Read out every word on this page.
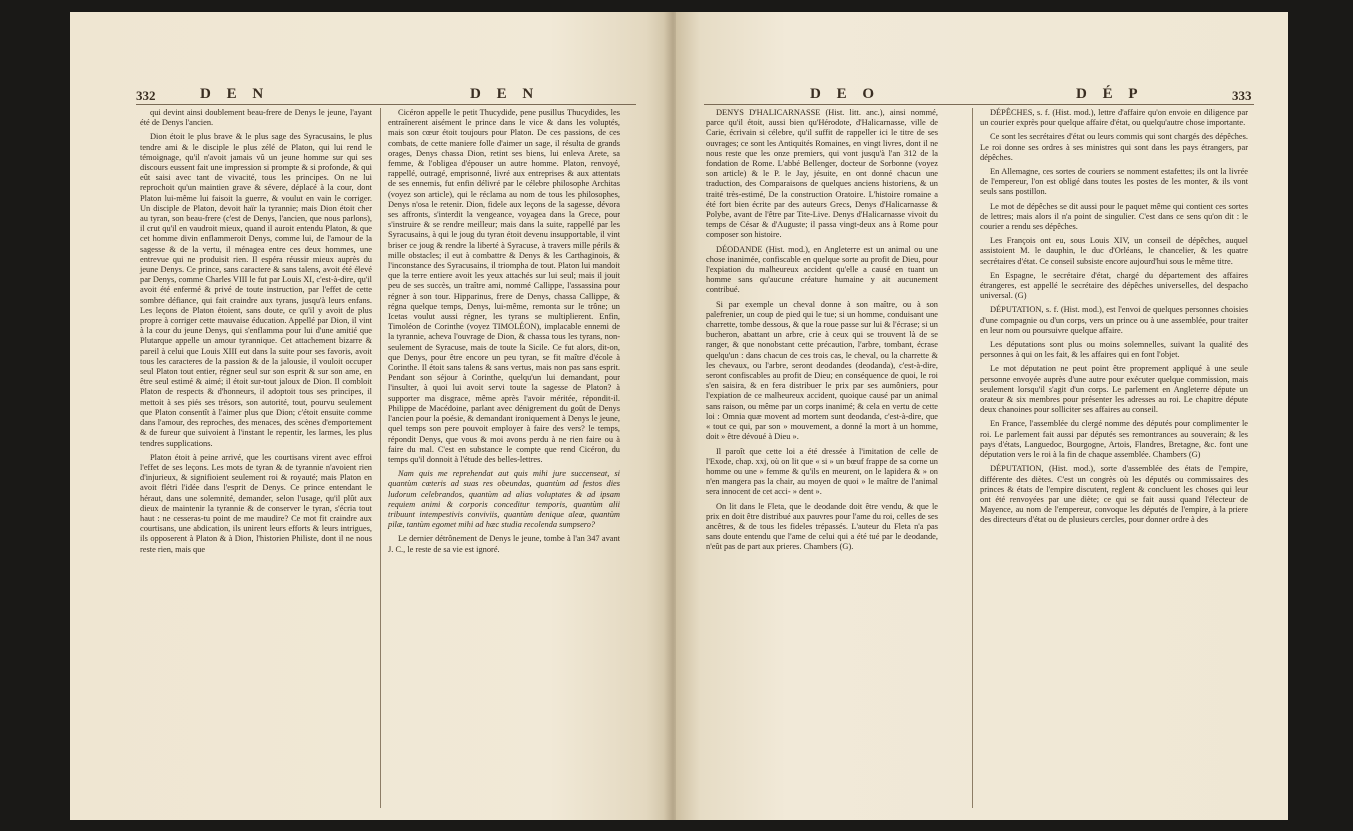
332	D E N	D E N

qui devint ainsi doublement beau-frere de Denys le jeune, l'ayant été de Denys l'ancien.

Dion étoit le plus brave & le plus sage des Syracusains, le plus tendre ami & le disciple le plus zélé de Platon, qui lui rend le témoignage, qu'il n'avoit jamais vû un jeune homme sur qui ses discours eussent fait une impression si prompte & si profonde, & qui eût saisi avec tant de vivacité, tous les principes. On ne lui reprochoit qu'un maintien grave & sévere, déplacé à la cour, dont Platon lui-même lui faisoit la guerre, & voulut en vain le corriger. Un disciple de Platon, devoit haïr la tyrannie; mais Dion étoit cher au tyran, son beau-frere (c'est de Denys, l'ancien, que nous parlons), il crut qu'il en vaudroit mieux, quand il auroit entendu Platon, & que cet homme divin enflammeroit Denys, comme lui, de l'amour de la sagesse & de la vertu, il ménagea entre ces deux hommes, une entrevue qui ne produisit rien. Il espéra réussir mieux auprès du jeune Denys. Ce prince, sans caractere & sans talens, avoit été élevé par Denys, comme Charles VIII le fut par Louis XI, c'est-à-dire, qu'il avoit été enfermé & privé de toute instruction, par l'effet de cette sombre défiance, qui fait craindre aux tyrans, jusqu'à leurs enfans. Les leçons de Platon étoient, sans doute, ce qu'il y avoit de plus propre à corriger cette mauvaise éducation. Appellé par Dion, il vint à la cour du jeune Denys, qui s'enflamma pour lui d'une amitié que Plutarque appelle un amour tyrannique. Cet attachement bizarre & pareil à celui que Louis XIII eut dans la suite pour ses favoris, avoit tous les caracteres de la passion & de la jalousie, il vouloit occuper seul Platon tout entier, régner seul sur son esprit & sur son ame, en être seul estimé & aimé; il étoit sur-tout jaloux de Dion. Il combloit Platon de respects & d'honneurs, il adoptoit tous ses principes, il mettoit à ses piés ses trésors, son autorité, tout, pourvu seulement que Platon consentît à l'aimer plus que Dion; c'étoit ensuite comme dans l'amour, des reproches, des menaces, des scènes d'emportement & de fureur que suivoient à l'instant le repentir, les larmes, les plus tendres supplications.

Platon étoit à peine arrivé, que les courtisans virent avec effroi l'effet de ses leçons. Les mots de tyran & de tyrannie n'avoient rien d'injurieux, & signifioient seulement roi & royauté; mais Platon en avoit flétri l'idée dans l'esprit de Denys. Ce prince entendant le héraut, dans une solemnité, demander, selon l'usage, qu'il plût aux dieux de maintenir la tyrannie & de conserver le tyran, s'écria tout haut : ne cesseras-tu point de me maudire? Ce mot fit craindre aux courtisans, une abdication, ils unirent leurs efforts & leurs intrigues, ils opposerent à Platon & à Dion, l'historien Philiste, dont il ne nous reste rien, mais que

Cicéron appelle le petit Thucydide, pene pusillus Thucydides, les entraînerent aisément le prince dans le vice & dans les voluptés, mais son cœur étoit toujours pour Platon. De ces passions, de ces combats, de cette maniere folle d'aimer un sage, il résulta de grands orages, Denys chassa Dion, retint ses biens, lui enleva Arete, sa femme, & l'obligea d'épouser un autre homme. Platon, renvoyé, rappellé, outragé, emprisonné, livré aux entreprises & aux attentats de ses ennemis, fut enfin délivré par le célebre philosophe Architas (voyez son article), qui le réclama au nom de tous les philosophes, Denys n'osa le retenir. Dion, fidele aux leçons de la sagesse, dévora ses affronts, s'interdit la vengeance, voyagea dans la Grece, pour s'instruire & se rendre meilleur; mais dans la suite, rappellé par les Syracusains, à qui le joug du tyran étoit devenu insupportable, il vint briser ce joug & rendre la liberté à Syracuse, à travers mille périls & mille obstacles; il eut à combattre & Denys & les Carthaginois, & l'inconstance des Syracusains, il triompha de tout. Platon lui mandoit que la terre entiere avoit les yeux attachés sur lui seul; mais il jouit peu de ses succès, un traître ami, nommé Callippe, l'assassina pour régner à son tour. Hipparinus, frere de Denys, chassa Callippe, & régna quelque temps, Denys, lui-même, remonta sur le trône; un Icetas voulut aussi régner, les tyrans se multiplierent. Enfin, Timoléon de Corinthe (voyez TIMOLÉON), implacable ennemi de la tyrannie, acheva l'ouvrage de Dion, & chassa tous les tyrans, non-seulement de Syracuse, mais de toute la Sicile. Ce fut alors, dit-on, que Denys, pour être encore un peu tyran, se fit maître d'école à Corinthe. Il étoit sans talens & sans vertus, mais non pas sans esprit. Pendant son séjour à Corinthe, quelqu'un lui demandant, pour l'insulter, à quoi lui avoit servi toute la sagesse de Platon? à supporter ma disgrace, même après l'avoir méritée, répondit-il. Philippe de Macédoine, parlant avec dénigrement du goût de Denys l'ancien pour la poésie, & demandant ironiquement à Denys le jeune, quel temps son pere pouvoit employer à faire des vers? le temps, répondit Denys, que vous & moi avons perdu à ne rien faire ou à faire du mal. C'est en substance le compte que rend Cicéron, du temps qu'il donnoit à l'étude des belles-lettres.

Nam quis me reprehendat aut quis mihi jure succenseat, si quantùm cœteris ad suas res obeundas, quantùm ad festos dies ludorum celebrandos, quantùm ad alias voluptates & ad ipsam requiem animi & corporis conceditur temporis, quantùm alii tribuunt intempestivis conviviis, quantùm denique aleæ, quantùm pilæ, tantùm egomet mihi ad hæc studia recolenda sumpsero?

Le dernier détrônement de Denys le jeune, tombe à l'an 347 avant J. C., le reste de sa vie est ignoré.

D E O	D É P	333

DENYS D'HALICARNASSE (Hist. litt. anc.), ainsi nommé, parce qu'il étoit, aussi bien qu'Hérodote, d'Halicarnasse, ville de Carie, écrivain si célebre, qu'il suffit de rappeller ici le titre de ses ouvrages; ce sont les Antiquités Romaines, en vingt livres, dont il ne nous reste que les onze premiers, qui vont jusqu'à l'an 312 de la fondation de Rome. L'abbé Bellenger, docteur de Sorbonne (voyez son article) & le P. le Jay, jésuite, en ont donné chacun une traduction, des Comparaisons de quelques anciens historiens, & un traité très-estimé, De la construction Oratoire. L'histoire romaine a été fort bien écrite par des auteurs Grecs, Denys d'Halicarnasse & Polybe, avant de l'être par Tite-Live. Denys d'Halicarnasse vivoit du temps de César & d'Auguste; il passa vingt-deux ans à Rome pour composer son histoire.

DÉODANDE (Hist. mod.), en Angleterre est un animal ou une chose inanimée, confiscable en quelque sorte au profit de Dieu, pour l'expiation du malheureux accident qu'elle a causé en tuant un homme sans qu'aucune créature humaine y ait aucunement contribué.

Si par exemple un cheval donne à son maître, ou à son palefrenier, un coup de pied qui le tue; si un homme, conduisant une charrette, tombe dessous, & que la roue passe sur lui & l'écrase; si un bucheron, abattant un arbre, crie à ceux qui se trouvent là de se ranger, & que nonobstant cette précaution, l'arbre, tombant, écrase quelqu'un : dans chacun de ces trois cas, le cheval, ou la charrette & les chevaux, ou l'arbre, seront deodandes (deodanda), c'est-à-dire, seront confiscables au profit de Dieu; en conséquence de quoi, le roi s'en saisira, & en fera distribuer le prix par ses aumôniers, pour l'expiation de ce malheureux accident, quoique causé par un animal sans raison, ou même par un corps inanimé; & cela en vertu de cette loi : Omnia quæ movent ad mortem sunt deodanda, c'est-à-dire, que « tout ce qui, par son » mouvement, a donné la mort à un homme, doit » être dévoué à Dieu ».

Il paroît que cette loi a été dressée à l'imitation de celle de l'Exode, chap. xxj, où on lit que « si » un bœuf frappe de sa corne un homme ou une » femme & qu'ils en meurent, on le lapidera & » on n'en mangera pas la chair, au moyen de quoi » le maître de l'animal sera innocent de cet acci- » dent ».

On lit dans le Fleta, que le deodande doit être vendu, & que le prix en doit être distribué aux pauvres pour l'ame du roi, celles de ses ancêtres, & de tous les fideles trépassés. L'auteur du Fleta n'a pas sans doute entendu que l'ame de celui qui a été tué par le deodande, n'eût pas de part aux prieres. Chambers (G).

DÉPÊCHES, s. f. (Hist. mod.), lettre d'affaire qu'on envoie en diligence par un courier exprès pour quelque affaire d'état, ou quelqu'autre chose importante.

Ce sont les secrétaires d'état ou leurs commis qui sont chargés des dépêches. Le roi donne ses ordres à ses ministres qui sont dans les pays étrangers, par dépêches.

En Allemagne, ces sortes de couriers se nomment estafettes; ils ont la livrée de l'empereur, l'on est obligé dans toutes les postes de les monter, & ils vont seuls sans postillon.

Le mot de dépêches se dit aussi pour le paquet même qui contient ces sortes de lettres; mais alors il n'a point de singulier. C'est dans ce sens qu'on dit : le courier a rendu ses dépêches.

Les François ont eu, sous Louis XIV, un conseil de dépêches, auquel assistoient M. le dauphin, le duc d'Orléans, le chancelier, & les quatre secrétaires d'état. Ce conseil subsiste encore aujourd'hui sous le même titre.

En Espagne, le secrétaire d'état, chargé du département des affaires étrangeres, est appellé le secrétaire des dépêches universelles, del despacho universal. (G)

DÉPUTATION, s. f. (Hist. mod.), est l'envoi de quelques personnes choisies d'une compagnie ou d'un corps, vers un prince ou à une assemblée, pour traiter en leur nom ou poursuivre quelque affaire.

Les députations sont plus ou moins solemnelles, suivant la qualité des personnes à qui on les fait, & les affaires qui en font l'objet.

Le mot députation ne peut point être proprement appliqué à une seule personne envoyée auprès d'une autre pour exécuter quelque commission, mais seulement lorsqu'il s'agit d'un corps. Le parlement en Angleterre députe un orateur & six membres pour présenter les adresses au roi. Le chapitre députe deux chanoines pour solliciter ses affaires au conseil.

En France, l'assemblée du clergé nomme des députés pour complimenter le roi. Le parlement fait aussi par députés ses remontrances au souverain; & les pays d'états, Languedoc, Bourgogne, Artois, Flandres, Bretagne, &c. font une députation vers le roi à la fin de chaque assemblée. Chambers (G)

DÉPUTATION, (Hist. mod.), sorte d'assemblée des états de l'empire, différente des diètes. C'est un congrès où les députés ou commissaires des princes & états de l'empire discutent, reglent & concluent les choses qui leur ont été renvoyées par une diète; ce qui se fait aussi quand l'électeur de Mayence, au nom de l'empereur, convoque les députés de l'empire, à la priere des directeurs d'état ou de plusieurs cercles, pour donner ordre à des
